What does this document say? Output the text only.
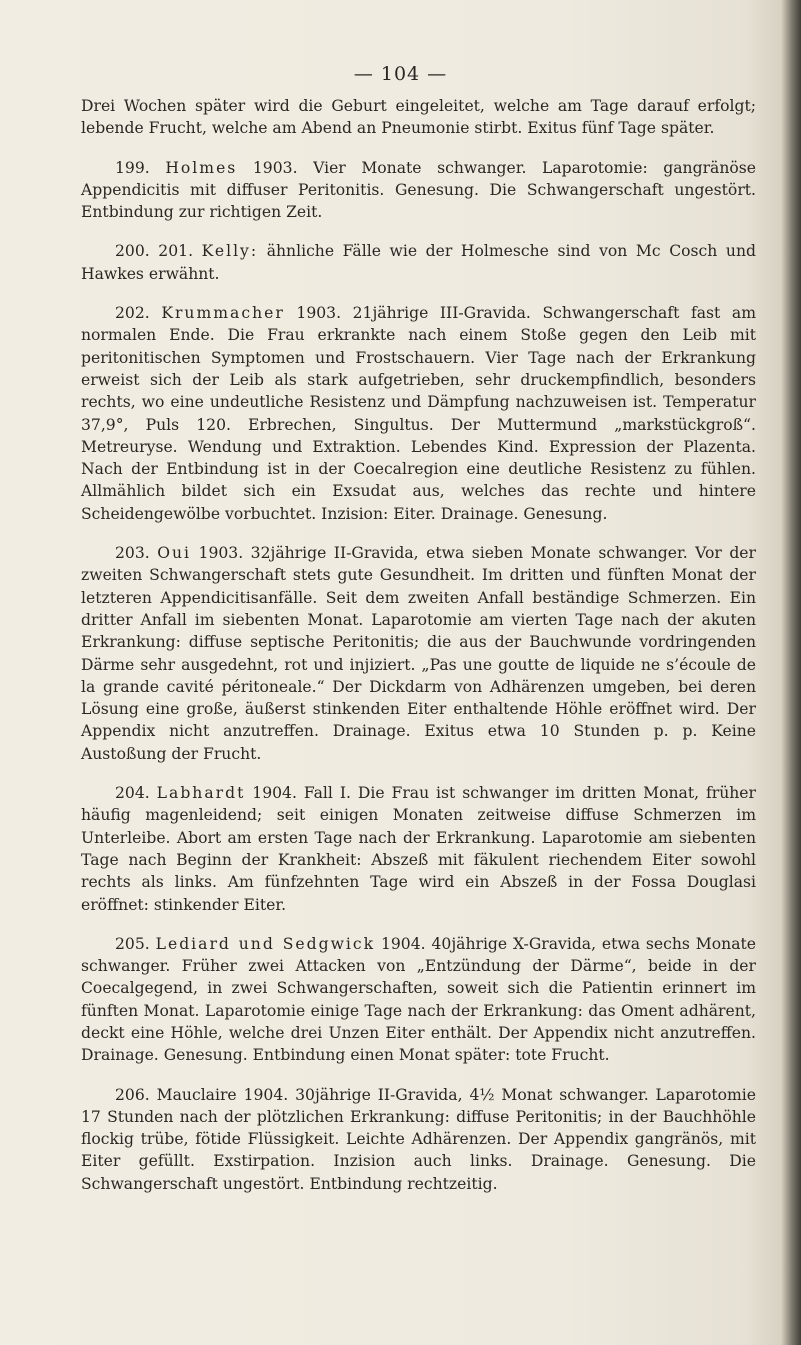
— 104 —

Drei Wochen später wird die Geburt eingeleitet, welche am Tage darauf erfolgt; lebende Frucht, welche am Abend an Pneumonie stirbt. Exitus fünf Tage später.

199. Holmes 1903. Vier Monate schwanger. Laparotomie: gangränöse Appendicitis mit diffuser Peritonitis. Genesung. Die Schwangerschaft ungestört. Entbindung zur richtigen Zeit.

200. 201. Kelly: ähnliche Fälle wie der Holmesche sind von Mc Cosch und Hawkes erwähnt.

202. Krummacher 1903. 21jährige III-Gravida. Schwangerschaft fast am normalen Ende. Die Frau erkrankte nach einem Stoße gegen den Leib mit peritonitischen Symptomen und Frostschauern. Vier Tage nach der Erkrankung erweist sich der Leib als stark aufgetrieben, sehr druckempfindlich, besonders rechts, wo eine undeutliche Resistenz und Dämpfung nachzuweisen ist. Temperatur 37,9°, Puls 120. Erbrechen, Singultus. Der Muttermund „markstückgroß“. Metreuryse. Wendung und Extraktion. Lebendes Kind. Expression der Plazenta. Nach der Entbindung ist in der Coecalregion eine deutliche Resistenz zu fühlen. Allmählich bildet sich ein Exsudat aus, welches das rechte und hintere Scheidengewölbe vorbuchtet. Inzision: Eiter. Drainage. Genesung.

203. Oui 1903. 32jährige II-Gravida, etwa sieben Monate schwanger. Vor der zweiten Schwangerschaft stets gute Gesundheit. Im dritten und fünften Monat der letzteren Appendicitisanfälle. Seit dem zweiten Anfall beständige Schmerzen. Ein dritter Anfall im siebenten Monat. Laparotomie am vierten Tage nach der akuten Erkrankung: diffuse septische Peritonitis; die aus der Bauchwunde vordringenden Därme sehr ausgedehnt, rot und injiziert. „Pas une goutte de liquide ne s’écoule de la grande cavité péritoneale.“ Der Dickdarm von Adhärenzen umgeben, bei deren Lösung eine große, äußerst stinkenden Eiter enthaltende Höhle eröffnet wird. Der Appendix nicht anzutreffen. Drainage. Exitus etwa 10 Stunden p. p. Keine Austoßung der Frucht.

204. Labhardt 1904. Fall I. Die Frau ist schwanger im dritten Monat, früher häufig magenleidend; seit einigen Monaten zeitweise diffuse Schmerzen im Unterleibe. Abort am ersten Tage nach der Erkrankung. Laparotomie am siebenten Tage nach Beginn der Krankheit: Abszeß mit fäkulent riechendem Eiter sowohl rechts als links. Am fünfzehnten Tage wird ein Abszeß in der Fossa Douglasi eröffnet: stinkender Eiter.

205. Lediard und Sedgwick 1904. 40jährige X-Gravida, etwa sechs Monate schwanger. Früher zwei Attacken von „Entzündung der Därme“, beide in der Coecalgegend, in zwei Schwangerschaften, soweit sich die Patientin erinnert im fünften Monat. Laparotomie einige Tage nach der Erkrankung: das Oment adhärent, deckt eine Höhle, welche drei Unzen Eiter enthält. Der Appendix nicht anzutreffen. Drainage. Genesung. Entbindung einen Monat später: tote Frucht.

206. Mauclaire 1904. 30jährige II-Gravida, 4½ Monat schwanger. Laparotomie 17 Stunden nach der plötzlichen Erkrankung: diffuse Peritonitis; in der Bauchhöhle flockig trübe, fötide Flüssigkeit. Leichte Adhärenzen. Der Appendix gangränös, mit Eiter gefüllt. Exstirpation. Inzision auch links. Drainage. Genesung. Die Schwangerschaft ungestört. Entbindung rechtzeitig.
